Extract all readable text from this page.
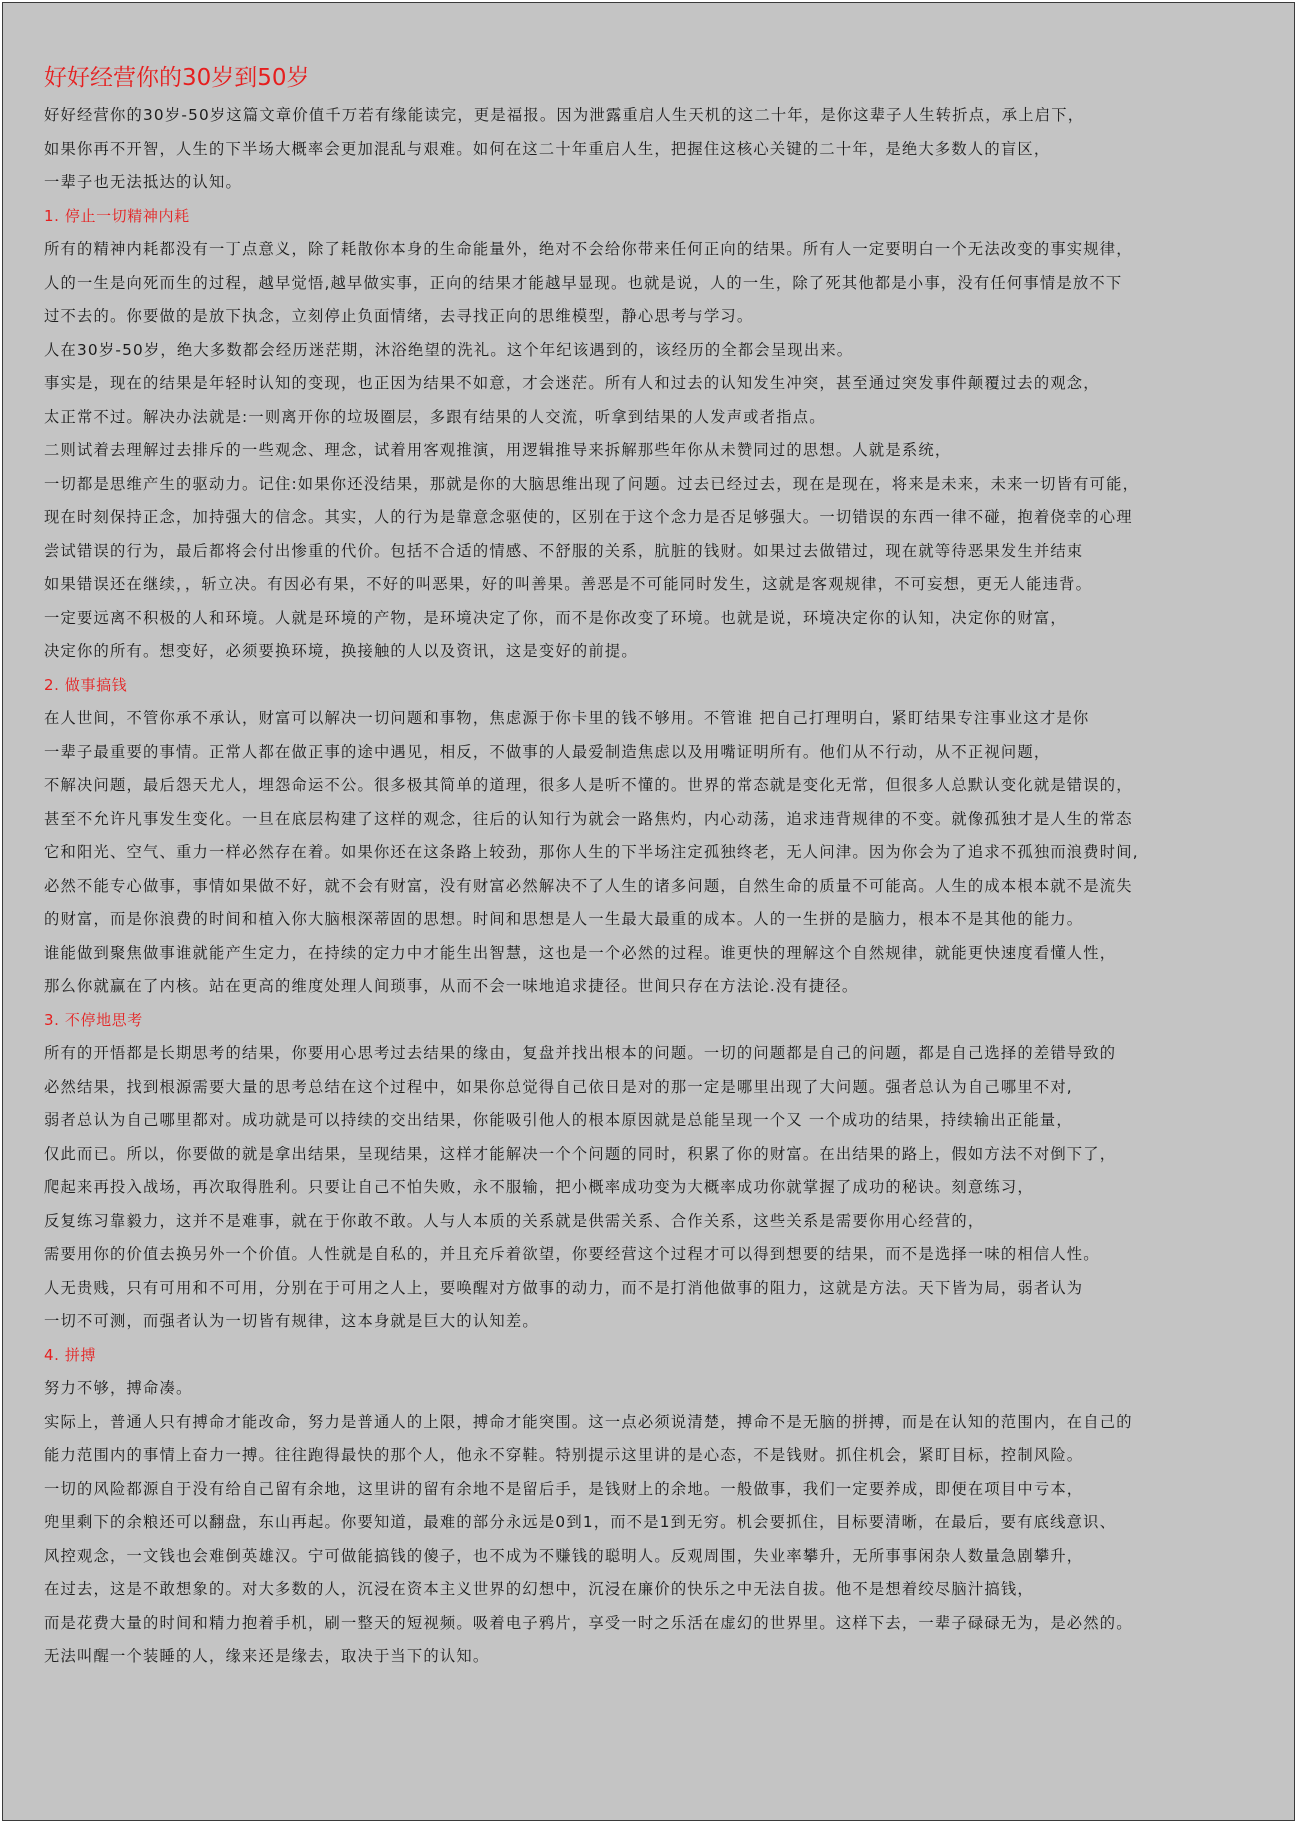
好好经营你的30岁到50岁
好好经营你的30岁-50岁这篇文章价值千万若有缘能读完，更是福报。因为泄露重启人生天机的这二十年，是你这辈子人生转折点，承上启下，
如果你再不开智，人生的下半场大概率会更加混乱与艰难。如何在这二十年重启人生，把握住这核心关键的二十年，是绝大多数人的盲区，
一辈子也无法抵达的认知。
1. 停止一切精神内耗
所有的精神内耗都没有一丁点意义，除了耗散你本身的生命能量外，绝对不会给你带来任何正向的结果。所有人一定要明白一个无法改变的事实规律，
人的一生是向死而生的过程，越早觉悟,越早做实事，正向的结果才能越早显现。也就是说，人的一生，除了死其他都是小事，没有任何事情是放不下
过不去的。你要做的是放下执念，立刻停止负面情绪，去寻找正向的思维模型，静心思考与学习。
人在30岁-50岁，绝大多数都会经历迷茫期，沐浴绝望的洗礼。这个年纪该遇到的，该经历的全都会呈现出来。
事实是，现在的结果是年轻时认知的变现，也正因为结果不如意，才会迷茫。所有人和过去的认知发生冲突，甚至通过突发事件颠覆过去的观念，
太正常不过。解决办法就是:一则离开你的垃圾圈层，多跟有结果的人交流，听拿到结果的人发声或者指点。
二则试着去理解过去排斥的一些观念、理念，试着用客观推演，用逻辑推导来拆解那些年你从未赞同过的思想。人就是系统，
一切都是思维产生的驱动力。记住:如果你还没结果，那就是你的大脑思维出现了问题。过去已经过去，现在是现在，将来是未来，未来一切皆有可能，
现在时刻保持正念，加持强大的信念。其实，人的行为是靠意念驱使的，区别在于这个念力是否足够强大。一切错误的东西一律不碰，抱着侥幸的心理
尝试错误的行为，最后都将会付出惨重的代价。包括不合适的情感、不舒服的关系，肮脏的钱财。如果过去做错过，现在就等待恶果发生并结束
如果错误还在继续，，斩立决。有因必有果，不好的叫恶果，好的叫善果。善恶是不可能同时发生，这就是客观规律，不可妄想，更无人能违背。
一定要远离不积极的人和环境。人就是环境的产物，是环境决定了你，而不是你改变了环境。也就是说，环境决定你的认知，决定你的财富，
决定你的所有。想变好，必须要换环境，换接触的人以及资讯，这是变好的前提。
2. 做事搞钱
在人世间，不管你承不承认，财富可以解决一切问题和事物，焦虑源于你卡里的钱不够用。不管谁 把自己打理明白，紧盯结果专注事业这才是你
一辈子最重要的事情。正常人都在做正事的途中遇见，相反，不做事的人最爱制造焦虑以及用嘴证明所有。他们从不行动，从不正视问题，
不解决问题，最后怨天尤人，埋怨命运不公。很多极其简单的道理，很多人是听不懂的。世界的常态就是变化无常，但很多人总默认变化就是错误的，
甚至不允许凡事发生变化。一旦在底层构建了这样的观念，往后的认知行为就会一路焦灼，内心动荡，追求违背规律的不变。就像孤独才是人生的常态
它和阳光、空气、重力一样必然存在着。如果你还在这条路上较劲，那你人生的下半场注定孤独终老，无人问津。因为你会为了追求不孤独而浪费时间,
必然不能专心做事，事情如果做不好，就不会有财富，没有财富必然解决不了人生的诸多问题，自然生命的质量不可能高。人生的成本根本就不是流失
的财富，而是你浪费的时间和植入你大脑根深蒂固的思想。时间和思想是人一生最大最重的成本。人的一生拼的是脑力，根本不是其他的能力。
谁能做到聚焦做事谁就能产生定力，在持续的定力中才能生出智慧，这也是一个必然的过程。谁更快的理解这个自然规律，就能更快速度看懂人性，
那么你就赢在了内核。站在更高的维度处理人间琐事，从而不会一味地追求捷径。世间只存在方法论.没有捷径。
3. 不停地思考
所有的开悟都是长期思考的结果，你要用心思考过去结果的缘由，复盘并找出根本的问题。一切的问题都是自己的问题，都是自己选择的差错导致的
必然结果，找到根源需要大量的思考总结在这个过程中，如果你总觉得自己依日是对的那一定是哪里出现了大问题。强者总认为自己哪里不对,
弱者总认为自己哪里都对。成功就是可以持续的交出结果，你能吸引他人的根本原因就是总能呈现一个又 一个成功的结果，持续输出正能量，
仅此而已。所以，你要做的就是拿出结果，呈现结果，这样才能解决一个个问题的同时，积累了你的财富。在出结果的路上，假如方法不对倒下了，
爬起来再投入战场，再次取得胜利。只要让自己不怕失败，永不服输，把小概率成功变为大概率成功你就掌握了成功的秘诀。刻意练习，
反复练习靠毅力，这并不是难事，就在于你敢不敢。人与人本质的关系就是供需关系、合作关系，这些关系是需要你用心经营的，
需要用你的价值去换另外一个价值。人性就是自私的，并且充斥着欲望，你要经营这个过程才可以得到想要的结果，而不是选择一味的相信人性。
人无贵贱，只有可用和不可用，分别在于可用之人上，要唤醒对方做事的动力，而不是打消他做事的阻力，这就是方法。天下皆为局，弱者认为
一切不可测，而强者认为一切皆有规律，这本身就是巨大的认知差。
4. 拼搏
努力不够，搏命凑。
实际上，普通人只有搏命才能改命，努力是普通人的上限，搏命才能突围。这一点必须说清楚，搏命不是无脑的拼搏，而是在认知的范围内，在自己的
能力范围内的事情上奋力一搏。往往跑得最快的那个人，他永不穿鞋。特别提示这里讲的是心态，不是钱财。抓住机会，紧盯目标，控制风险。
一切的风险都源自于没有给自己留有余地，这里讲的留有余地不是留后手，是钱财上的余地。一般做事，我们一定要养成，即便在项目中亏本，
兜里剩下的余粮还可以翻盘，东山再起。你要知道，最难的部分永远是0到1，而不是1到无穷。机会要抓住，目标要清晰，在最后，要有底线意识、
风控观念，一文钱也会难倒英雄汉。宁可做能搞钱的傻子，也不成为不赚钱的聪明人。反观周围，失业率攀升，无所事事闲杂人数量急剧攀升，
在过去，这是不敢想象的。对大多数的人，沉浸在资本主义世界的幻想中，沉浸在廉价的快乐之中无法自拔。他不是想着绞尽脑汁搞钱，
而是花费大量的时间和精力抱着手机，刷一整天的短视频。吸着电子鸦片，享受一时之乐活在虚幻的世界里。这样下去，一辈子碌碌无为，是必然的。
无法叫醒一个装睡的人，缘来还是缘去，取决于当下的认知。
